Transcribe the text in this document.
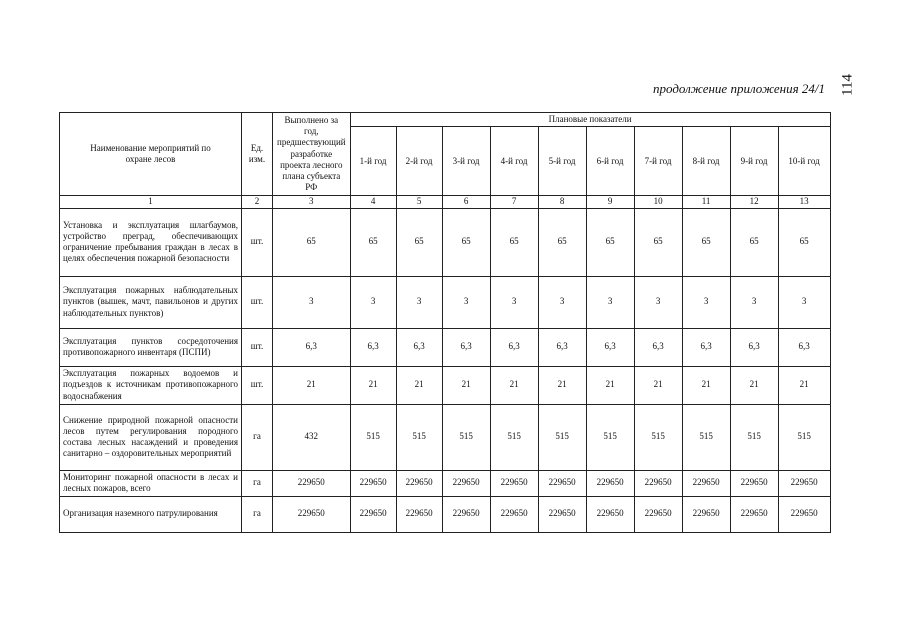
114
продолжение приложения 24/1
Наименование мероприятий по охране лесов	Ед. изм.	Выполнено за год, предшествующий разработке проекта лесного плана субъекта РФ	Плановые показатели									
			1-й год	2-й год	3-й год	4-й год	5-й год	6-й год	7-й год	8-й год	9-й год	10-й год
1	2	3	4	5	6	7	8	9	10	11	12	13
Установка и эксплуатация шлагбаумов, устройство преград, обеспечивающих ограничение пребывания граждан в лесах в целях обеспечения пожарной безопасности	шт.	65	65	65	65	65	65	65	65	65	65	65
Эксплуатация пожарных наблюдательных пунктов (вышек, мачт, павильонов и других наблюдательных пунктов)	шт.	3	3	3	3	3	3	3	3	3	3	3
Эксплуатация пунктов сосредоточения противопожарного инвентаря (ПСПИ)	шт.	6,3	6,3	6,3	6,3	6,3	6,3	6,3	6,3	6,3	6,3	6,3
Эксплуатация пожарных водоемов и подъездов к источникам противопожарного водоснабжения	шт.	21	21	21	21	21	21	21	21	21	21	21
Снижение природной пожарной опасности лесов путем регулирования породного состава лесных насаждений и проведения санитарно – оздоровительных мероприятий	га	432	515	515	515	515	515	515	515	515	515	515
Мониторинг пожарной опасности в лесах и лесных пожаров, всего	га	229650	229650	229650	229650	229650	229650	229650	229650	229650	229650	229650
Организация наземного патрулирования	га	229650	229650	229650	229650	229650	229650	229650	229650	229650	229650	229650
